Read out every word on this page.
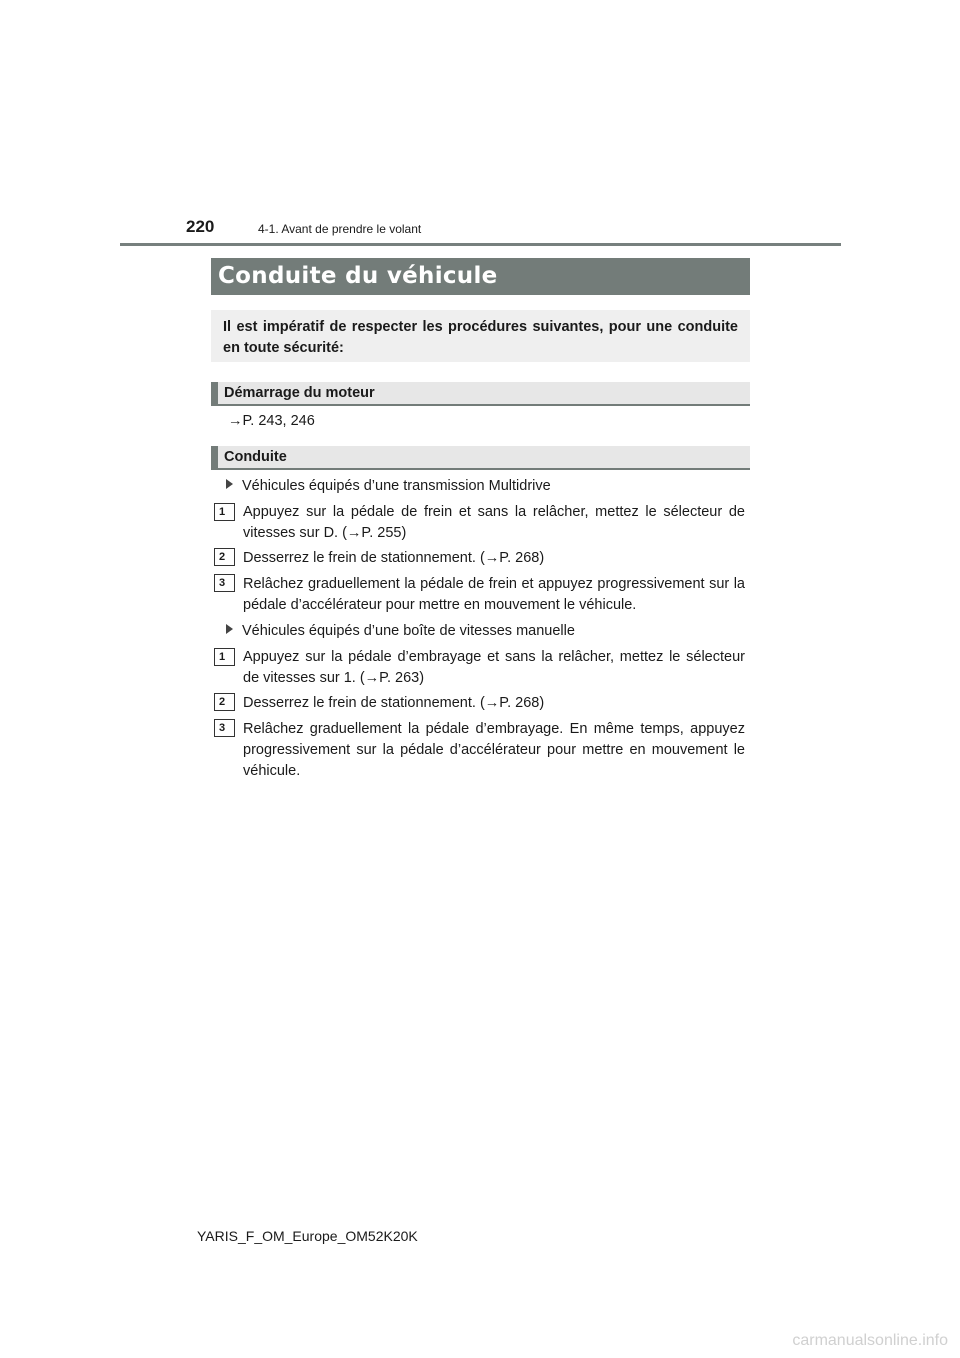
220	4-1. Avant de prendre le volant
Conduite du véhicule
Il est impératif de respecter les procédures suivantes, pour une conduite en toute sécurité:
Démarrage du moteur
→P. 243, 246
Conduite
Véhicules équipés d’une transmission Multidrive
1	Appuyez sur la pédale de frein et sans la relâcher, mettez le sélecteur de vitesses sur D. (→P. 255)
2	Desserrez le frein de stationnement. (→P. 268)
3	Relâchez graduellement la pédale de frein et appuyez progressivement sur la pédale d’accélérateur pour mettre en mouvement le véhicule.
Véhicules équipés d’une boîte de vitesses manuelle
1	Appuyez sur la pédale d’embrayage et sans la relâcher, mettez le sélecteur de vitesses sur 1. (→P. 263)
2	Desserrez le frein de stationnement. (→P. 268)
3	Relâchez graduellement la pédale d’embrayage. En même temps, appuyez progressivement sur la pédale d’accélérateur pour mettre en mouvement le véhicule.
YARIS_F_OM_Europe_OM52K20K
carmanualsonline.info
